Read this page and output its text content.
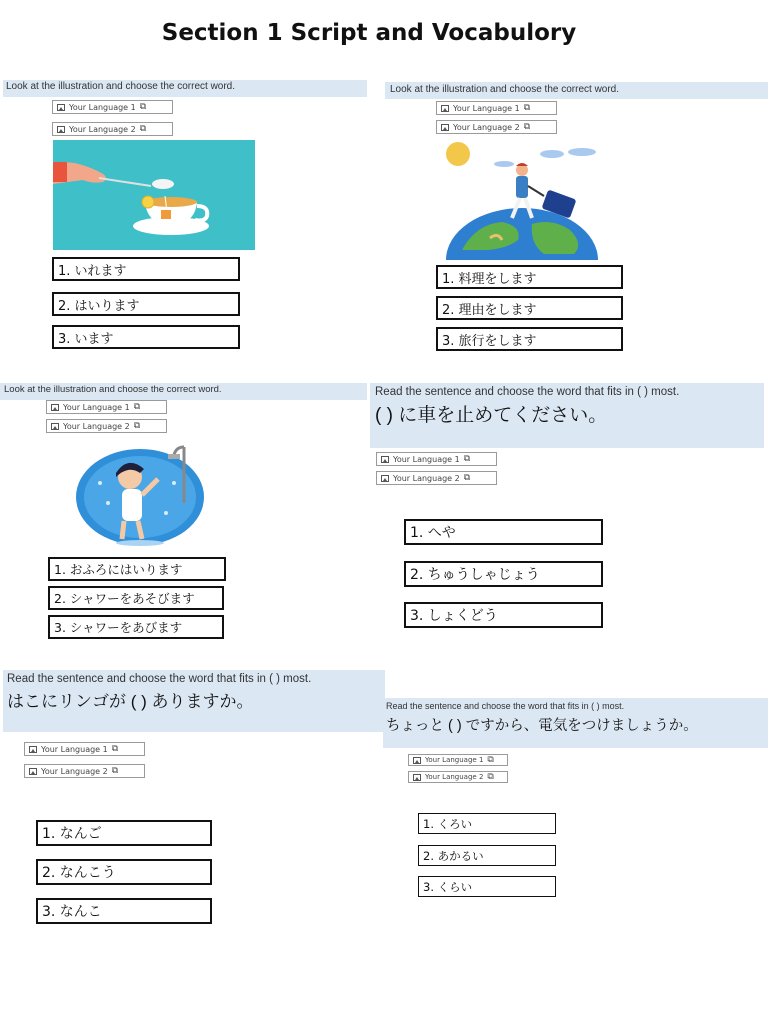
Section 1 Script and Vocabulory
Look at the illustration and choose the correct word.
Your Language 1 ⧉
Your Language 2 ⧉
1. いれます
2. はいります
3. います
Look at the illustration and choose the correct word.
Your Language 1 ⧉
Your Language 2 ⧉
1. 料理をします
2. 理由をします
3. 旅行をします
Look at the illustration and choose the correct word.
Your Language 1 ⧉
Your Language 2 ⧉
1. おふろにはいります
2. シャワーをあそびます
3. シャワーをあびます
Read the sentence and choose the word that fits in ( ) most.
( ) に車を止めてください。
Your Language 1 ⧉
Your Language 2 ⧉
1. へや
2. ちゅうしゃじょう
3. しょくどう
Read the sentence and choose the word that fits in ( ) most.
はこにリンゴが ( ) ありますか。
Your Language 1 ⧉
Your Language 2 ⧉
1. なんご
2. なんこう
3. なんこ
Read the sentence and choose the word that fits in ( ) most.
ちょっと ( ) ですから、電気をつけましょうか。
Your Language 1 ⧉
Your Language 2 ⧉
1. くろい
2. あかるい
3. くらい
